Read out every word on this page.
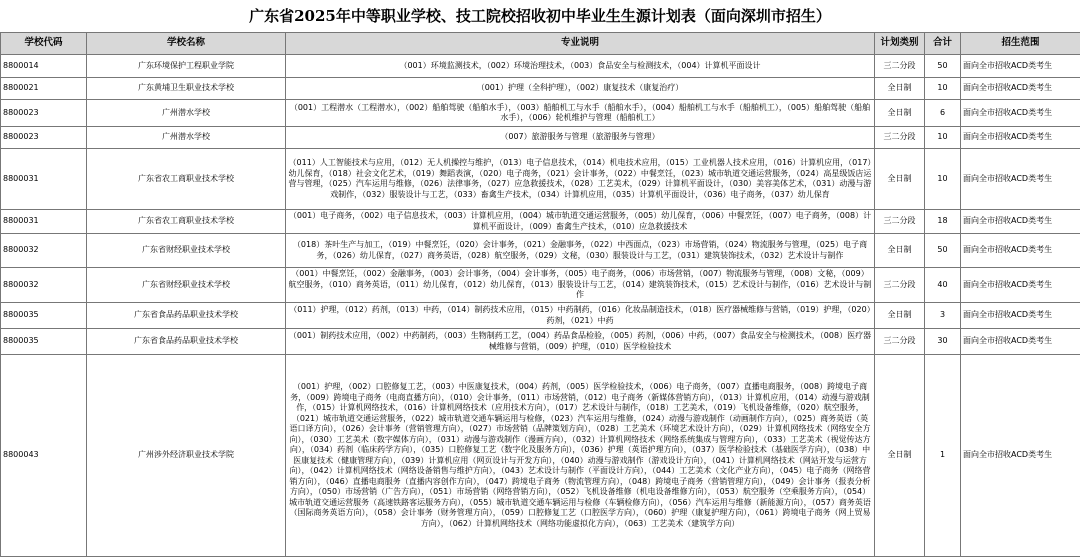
广东省2025年中等职业学校、技工院校招收初中毕业生生源计划表（面向深圳市招生）
学校代码	学校名称	专业说明	计划类别	合计	招生范围
8800014	广东环境保护工程职业学院	（001）环境监测技术，（002）环境治理技术，（003）食品安全与检测技术，（004）计算机平面设计	三二分段	50	面向全市招收ACD类考生
8800021	广东黄埔卫生职业技术学校	（001）护理（全科护理），（002）康复技术（康复治疗）	全日制	10	面向全市招收ACD类考生
8800023	广州潜水学校	（001）工程潜水（工程潜水），（002）船舶驾驶（船舶水手），（003）船舶机工与水手（船舶水手），（004）船舶机工与水手（船舶机工），（005）船舶驾驶（船舶水手），（006）轮机维护与管理（船舶机工）	全日制	6	面向全市招收ACD类考生
8800023	广州潜水学校	（007）旅游服务与管理（旅游服务与管理）	三二分段	10	面向全市招收ACD类考生
8800031	广东省农工商职业技术学校	（011）人工智能技术与应用，（012）无人机操控与维护，（013）电子信息技术，（014）机电技术应用，（015）工业机器人技术应用，（016）计算机应用，（017）幼儿保育，（018）社会文化艺术，（019）舞蹈表演，（020）电子商务，（021）会计事务，（022）中餐烹饪，（023）城市轨道交通运营服务，（024）高星级饭店运营与管理，（025）汽车运用与维修，（026）法律事务，（027）应急救援技术，（028）工艺美术，（029）计算机平面设计，（030）美容美体艺术，（031）动漫与游戏制作，（032）服装设计与工艺，（033）畜禽生产技术，（034）计算机应用，（035）计算机平面设计，（036）电子商务，（037）幼儿保育	全日制	10	面向全市招收ACD类考生
8800031	广东省农工商职业技术学校	（001）电子商务，（002）电子信息技术，（003）计算机应用，（004）城市轨道交通运营服务，（005）幼儿保育，（006）中餐烹饪，（007）电子商务，（008）计算机平面设计，（009）畜禽生产技术，（010）应急救援技术	三二分段	18	面向全市招收ACD类考生
8800032	广东省财经职业技术学校	（018）茶叶生产与加工，（019）中餐烹饪，（020）会计事务，（021）金融事务，（022）中西面点，（023）市场营销，（024）物流服务与管理，（025）电子商务，（026）幼儿保育，（027）商务英语，（028）航空服务，（029）文秘，（030）服装设计与工艺，（031）建筑装饰技术，（032）艺术设计与制作	全日制	50	面向全市招收ACD类考生
8800032	广东省财经职业技术学校	（001）中餐烹饪，（002）金融事务，（003）会计事务，（004）会计事务，（005）电子商务，（006）市场营销，（007）物流服务与管理，（008）文秘，（009）航空服务，（010）商务英语，（011）幼儿保育，（012）幼儿保育，（013）服装设计与工艺，（014）建筑装饰技术，（015）艺术设计与制作，（016）艺术设计与制作	三二分段	40	面向全市招收ACD类考生
8800035	广东省食品药品职业技术学校	（011）护理，（012）药剂，（013）中药，（014）制药技术应用，（015）中药制药，（016）化妆品制造技术，（018）医疗器械维修与营销，（019）护理，（020）药剂，（021）中药	全日制	3	面向全市招收ACD类考生
8800035	广东省食品药品职业技术学校	（001）制药技术应用，（002）中药制药，（003）生物制药工艺，（004）药品食品检验，（005）药剂，（006）中药，（007）食品安全与检测技术，（008）医疗器械维修与营销，（009）护理，（010）医学检验技术	三二分段	30	面向全市招收ACD类考生
8800043	广州涉外经济职业技术学院	（001）护理，（002）口腔修复工艺，（003）中医康复技术，（004）药剂，（005）医学检验技术，（006）电子商务，（007）直播电商服务，（008）跨境电子商务，（009）跨境电子商务（电商直播方向），（010）会计事务，（011）市场营销，（012）电子商务（新媒体营销方向），（013）计算机应用，（014）动漫与游戏制作，（015）计算机网络技术，（016）计算机网络技术（应用技术方向），（017）艺术设计与制作，（018）工艺美术，（019）飞机设备维修，（020）航空服务，（021）城市轨道交通运营服务，（022）城市轨道交通车辆运用与检修，（023）汽车运用与维修，（024）动漫与游戏制作（动画制作方向），（025）商务英语（英语口译方向），（026）会计事务（营销管理方向），（027）市场营销（品牌策划方向），（028）工艺美术（环境艺术设计方向），（029）计算机网络技术（网络安全方向），（030）工艺美术（数字媒体方向），（031）动漫与游戏制作（漫画方向），（032）计算机网络技术（网络系统集成与管理方向），（033）工艺美术（视觉传达方向），（034）药剂（临床药学方向），（035）口腔修复工艺（数字化及服务方向），（036）护理（英语护理方向），（037）医学检验技术（基础医学方向），（038）中医康复技术（健康管理方向），（039）计算机应用（网页设计与开发方向），（040）动漫与游戏制作（游戏设计方向），（041）计算机网络技术（网站开发与运营方向），（042）计算机网络技术（网络设备销售与维护方向），（043）艺术设计与制作（平面设计方向），（044）工艺美术（文化产业方向），（045）电子商务（网络营销方向），（046）直播电商服务（直播内容创作方向），（047）跨境电子商务（物流管理方向），（048）跨境电子商务（营销管理方向），（049）会计事务（报表分析方向），（050）市场营销（广告方向），（051）市场营销（网络营销方向），（052）飞机设备维修（机电设备维修方向），（053）航空服务（空乘服务方向），（054）城市轨道交通运营服务（高速铁路客运服务方向），（055）城市轨道交通车辆运用与检修（车辆检修方向），（056）汽车运用与维修（新能源方向），（057）商务英语（国际商务英语方向），（058）会计事务（财务管理方向），（059）口腔修复工艺（口腔医学方向），（060）护理（康复护理方向），（061）跨境电子商务（网上贸易方向），（062）计算机网络技术（网络功能虚拟化方向），（063）工艺美术（建筑学方向）	全日制	1	面向全市招收ACD类考生
